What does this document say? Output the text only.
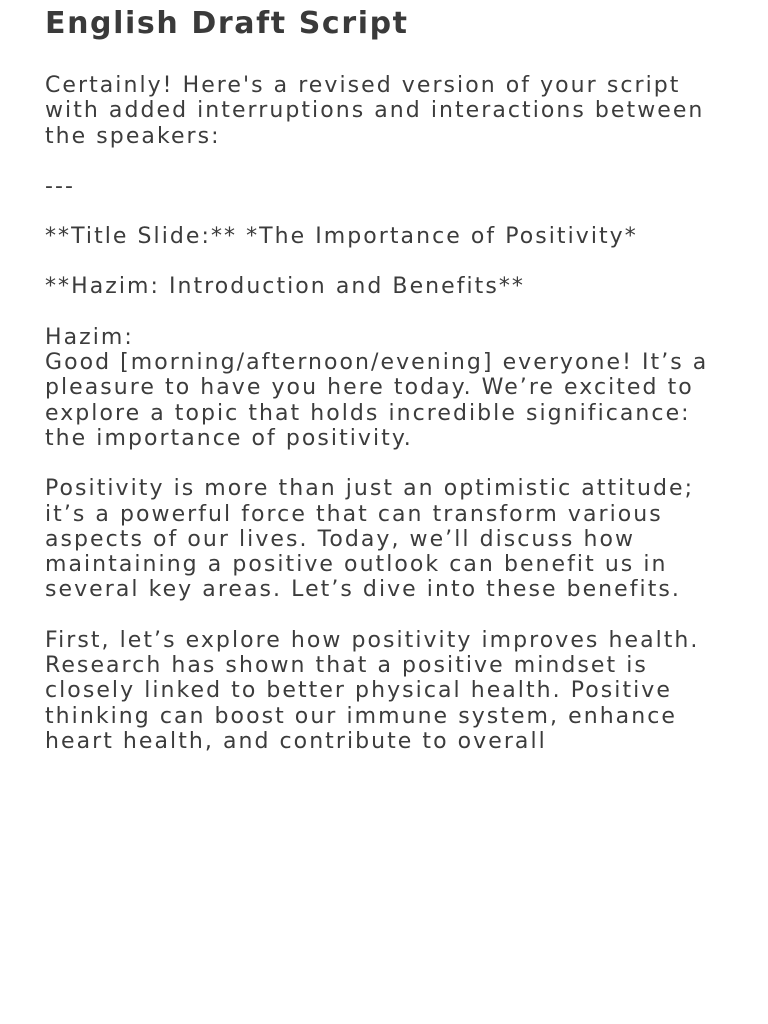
English Draft Script

Certainly! Here's a revised version of your script with added interruptions and interactions between the speakers:

---

**Title Slide:** *The Importance of Positivity*

**Hazim: Introduction and Benefits**

Hazim:

Good [morning/afternoon/evening] everyone! It’s a pleasure to have you here today. We’re excited to explore a topic that holds incredible significance: the importance of positivity.

Positivity is more than just an optimistic attitude; it’s a powerful force that can transform various aspects of our lives. Today, we’ll discuss how maintaining a positive outlook can benefit us in several key areas. Let’s dive into these benefits.

First, let’s explore how positivity improves health. Research has shown that a positive mindset is closely linked to better physical health. Positive thinking can boost our immune system, enhance heart health, and contribute to overall
